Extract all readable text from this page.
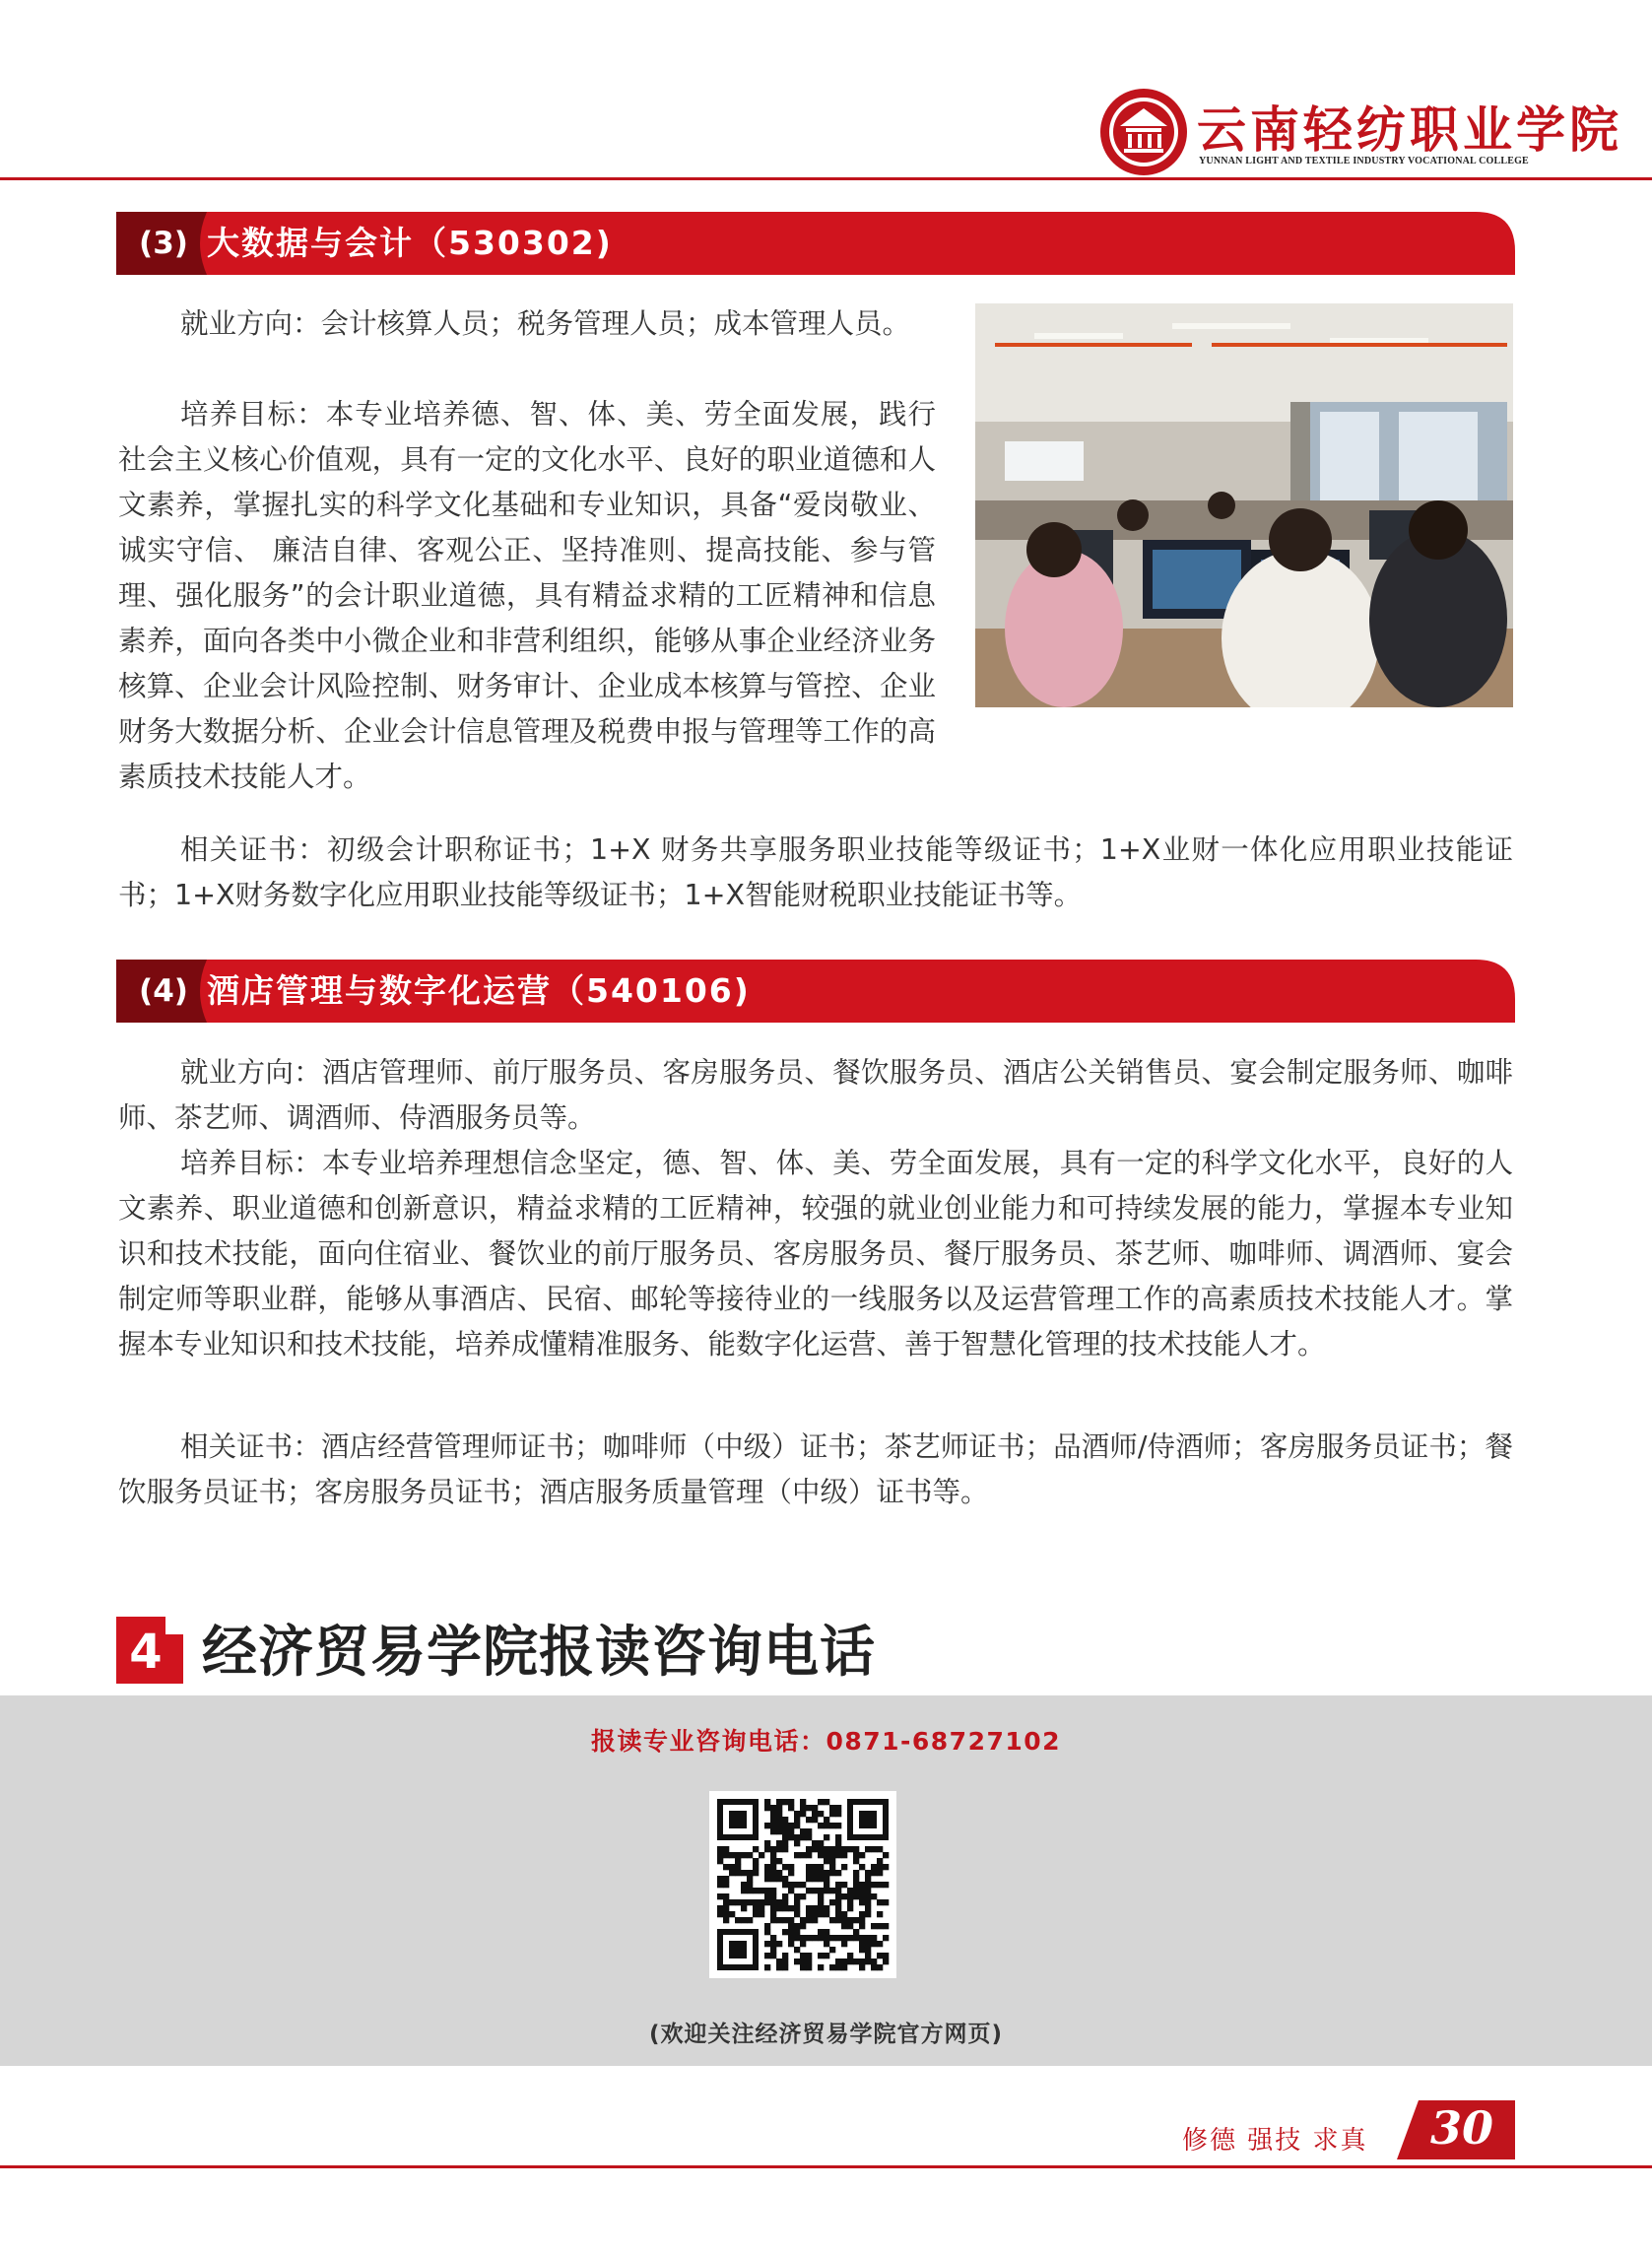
云南轻纺职业学院
YUNNAN LIGHT AND TEXTILE INDUSTRY VOCATIONAL COLLEGE
(3) 大数据与会计（530302)

就业方向：会计核算人员；税务管理人员；成本管理人员。

培养目标：本专业培养德、智、体、美、劳全面发展，践行社会主义核心价值观，具有一定的文化水平、良好的职业道德和人文素养，掌握扎实的科学文化基础和专业知识，具备“爱岗敬业、诚实守信、 廉洁自律、客观公正、坚持准则、提高技能、参与管理、强化服务”的会计职业道德，具有精益求精的工匠精神和信息素养，面向各类中小微企业和非营利组织，能够从事企业经济业务核算、企业会计风险控制、财务审计、企业成本核算与管控、企业财务大数据分析、企业会计信息管理及税费申报与管理等工作的高素质技术技能人才。

相关证书：初级会计职称证书；1+X 财务共享服务职业技能等级证书；1+X业财一体化应用职业技能证书；1+X财务数字化应用职业技能等级证书；1+X智能财税职业技能证书等。

(4) 酒店管理与数字化运营（540106)

就业方向：酒店管理师、前厅服务员、客房服务员、餐饮服务员、酒店公关销售员、宴会制定服务师、咖啡师、茶艺师、调酒师、侍酒服务员等。

培养目标：本专业培养理想信念坚定，德、智、体、美、劳全面发展，具有一定的科学文化水平，良好的人文素养、职业道德和创新意识，精益求精的工匠精神，较强的就业创业能力和可持续发展的能力，掌握本专业知识和技术技能，面向住宿业、餐饮业的前厅服务员、客房服务员、餐厅服务员、茶艺师、咖啡师、调酒师、宴会制定师等职业群，能够从事酒店、民宿、邮轮等接待业的一线服务以及运营管理工作的高素质技术技能人才。掌握本专业知识和技术技能，培养成懂精准服务、能数字化运营、善于智慧化管理的技术技能人才。

相关证书：酒店经营管理师证书；咖啡师（中级）证书；茶艺师证书；品酒师/侍酒师；客房服务员证书；餐饮服务员证书；客房服务员证书；酒店服务质量管理（中级）证书等。

4 经济贸易学院报读咨询电话
报读专业咨询电话：0871-68727102
(欢迎关注经济贸易学院官方网页)
修德 强技 求真	30
